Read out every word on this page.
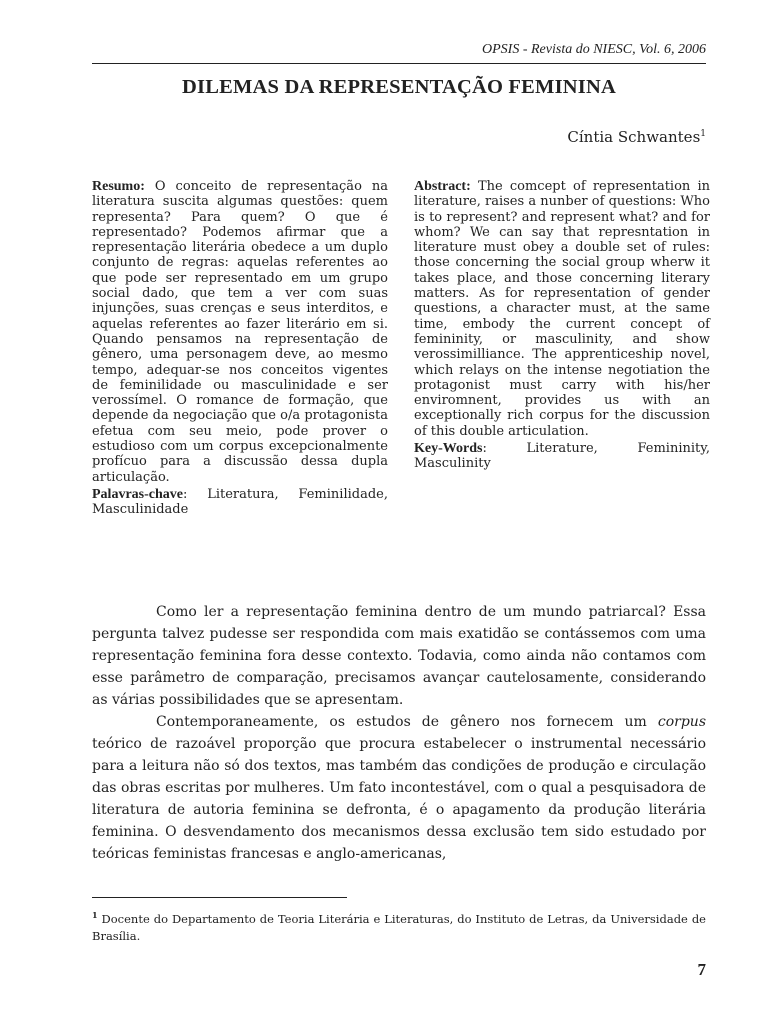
OPSIS - Revista do NIESC, Vol. 6, 2006
DILEMAS DA REPRESENTAÇÃO FEMININA
Cíntia Schwantes$^1$

Resumo: O conceito de representação na literatura suscita algumas questões: quem representa? Para quem? O que é representado? Podemos afirmar que a representação literária obedece a um duplo conjunto de regras: aquelas referentes ao que pode ser representado em um grupo social dado, que tem a ver com suas injunções, suas crenças e seus interditos, e aquelas referentes ao fazer literário em si. Quando pensamos na representação de gênero, uma personagem deve, ao mesmo tempo, adequar-se nos conceitos vigentes de feminilidade ou masculinidade e ser verossímel. O romance de formação, que depende da negociação que o/a protagonista efetua com seu meio, pode prover o estudioso com um corpus excepcionalmente profícuo para a discussão dessa dupla articulação.

Palavras-chave: Literatura, Feminilidade, Masculinidade

Abstract: The comcept of representation in literature, raises a nunber of questions: Who is to represent? and represent what? and for whom? We can say that represntation in literature must obey a double set of rules: those concerning the social group wherw it takes place, and those concerning literary matters. As for representation of gender questions, a character must, at the same time, embody the current concept of femininity, or masculinity, and show verossimilliance. The apprenticeship novel, which relays on the intense negotiation the protagonist must carry with his/her enviromnent, provides us with an exceptionally rich corpus for the discussion of this double articulation.

Key-Words: Literature, Femininity, Masculinity

Como ler a representação feminina dentro de um mundo patriarcal? Essa pergunta talvez pudesse ser respondida com mais exatidão se contássemos com uma representação feminina fora desse contexto. Todavia, como ainda não contamos com esse parâmetro de comparação, precisamos avançar cautelosamente, considerando as várias possibilidades que se apresentam.

Contemporaneamente, os estudos de gênero nos fornecem um corpus teórico de razoável proporção que procura estabelecer o instrumental necessário para a leitura não só dos textos, mas também das condições de produção e circulação das obras escritas por mulheres. Um fato incontestável, com o qual a pesquisadora de literatura de autoria feminina se defronta, é o apagamento da produção literária feminina. O desvendamento dos mecanismos dessa exclusão tem sido estudado por teóricas feministas francesas e anglo-americanas,

$^1$ Docente do Departamento de Teoria Literária e Literaturas, do Instituto de Letras, da Universidade de Brasília.
7
